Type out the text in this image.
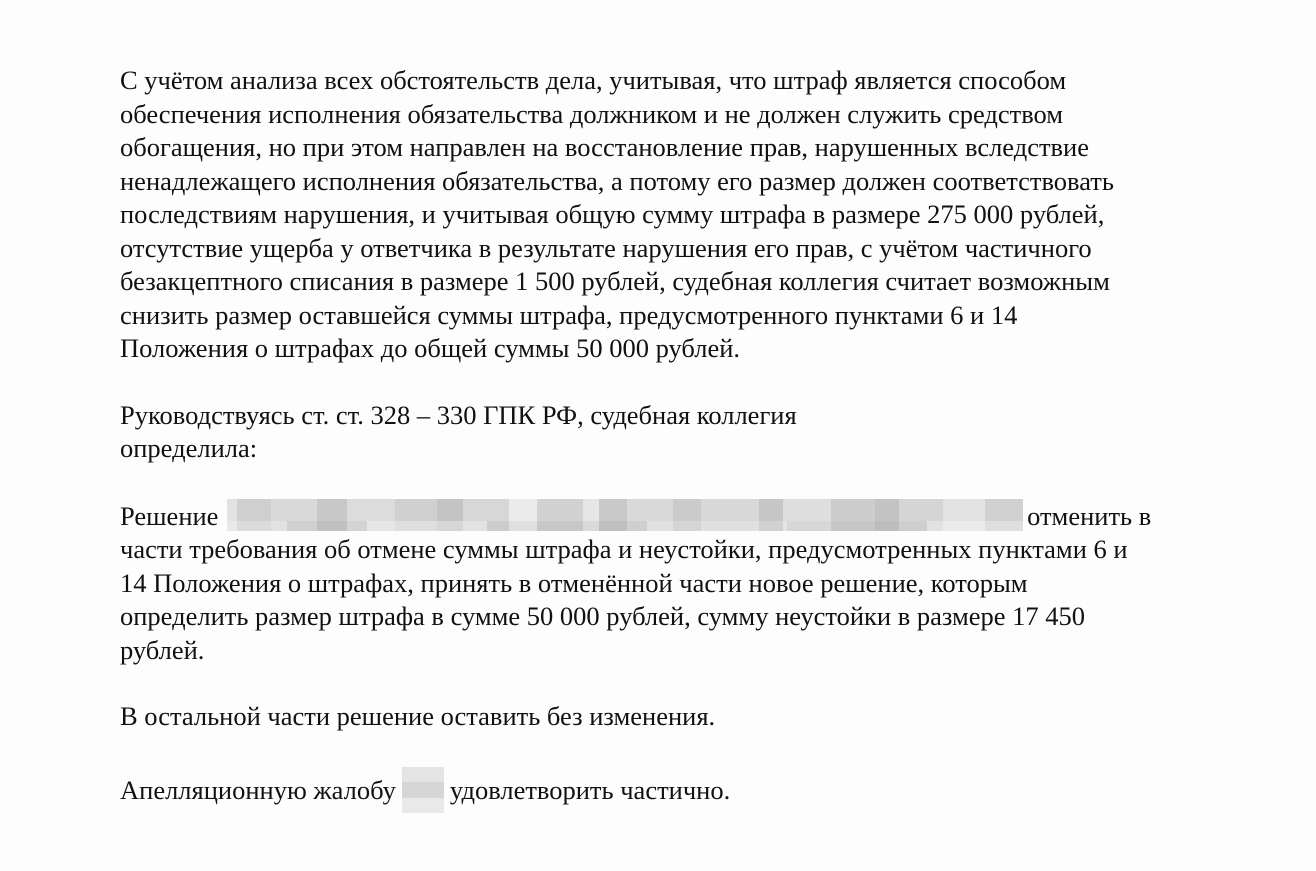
С учётом анализа всех обстоятельств дела, учитывая, что штраф является способом
обеспечения исполнения обязательства должником и не должен служить средством
обогащения, но при этом направлен на восстановление прав, нарушенных вследствие
ненадлежащего исполнения обязательства, а потому его размер должен соответствовать
последствиям нарушения, и учитывая общую сумму штрафа в размере 275 000 рублей,
отсутствие ущерба у ответчика в результате нарушения его прав, с учётом частичного
безакцептного списания в размере 1 500 рублей, судебная коллегия считает возможным
снизить размер оставшейся суммы штрафа, предусмотренного пунктами 6 и 14
Положения о штрафах до общей суммы 50 000 рублей.

Руководствуясь ст. ст. 328 – 330 ГПК РФ, судебная коллегия
определила:

Решение	отменить в
части требования об отмене суммы штрафа и неустойки, предусмотренных пунктами 6 и
14 Положения о штрафах, принять в отменённой части новое решение, которым
определить размер штрафа в сумме 50 000 рублей, сумму неустойки в размере 17 450
рублей.

В остальной части решение оставить без изменения.

Апелляционную жалобу удовлетворить частично.
